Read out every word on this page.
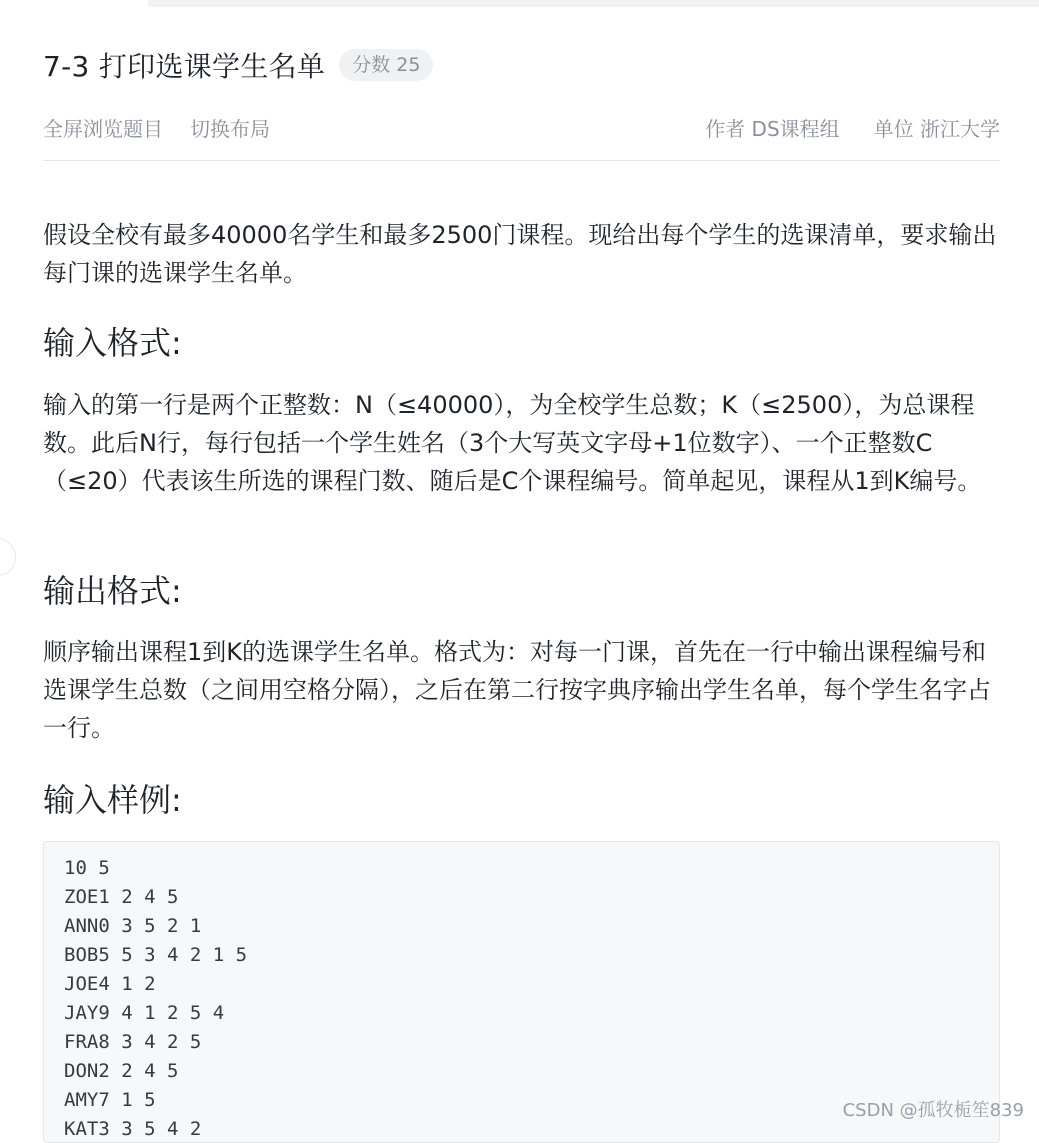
7-3 打印选课学生名单	分数 25
全屏浏览题目 切换布局	作者 DS课程组 单位 浙江大学

假设全校有最多40000名学生和最多2500门课程。现给出每个学生的选课清单，要求输出每门课的选课学生名单。

输入格式:

输入的第一行是两个正整数：N（≤40000），为全校学生总数；K（≤2500），为总课程数。此后N行，每行包括一个学生姓名（3个大写英文字母+1位数字）、一个正整数C（≤20）代表该生所选的课程门数、随后是C个课程编号。简单起见，课程从1到K编号。

输出格式:

顺序输出课程1到K的选课学生名单。格式为：对每一门课，首先在一行中输出课程编号和选课学生总数（之间用空格分隔），之后在第二行按字典序输出学生名单，每个学生名字占一行。

输入样例:
10 5
ZOE1 2 4 5
ANN0 3 5 2 1
BOB5 5 3 4 2 1 5
JOE4 1 2
JAY9 4 1 2 5 4
FRA8 3 4 2 5
DON2 2 4 5
AMY7 1 5
KAT3 3 5 4 2
CSDN @孤牧栀笙839
